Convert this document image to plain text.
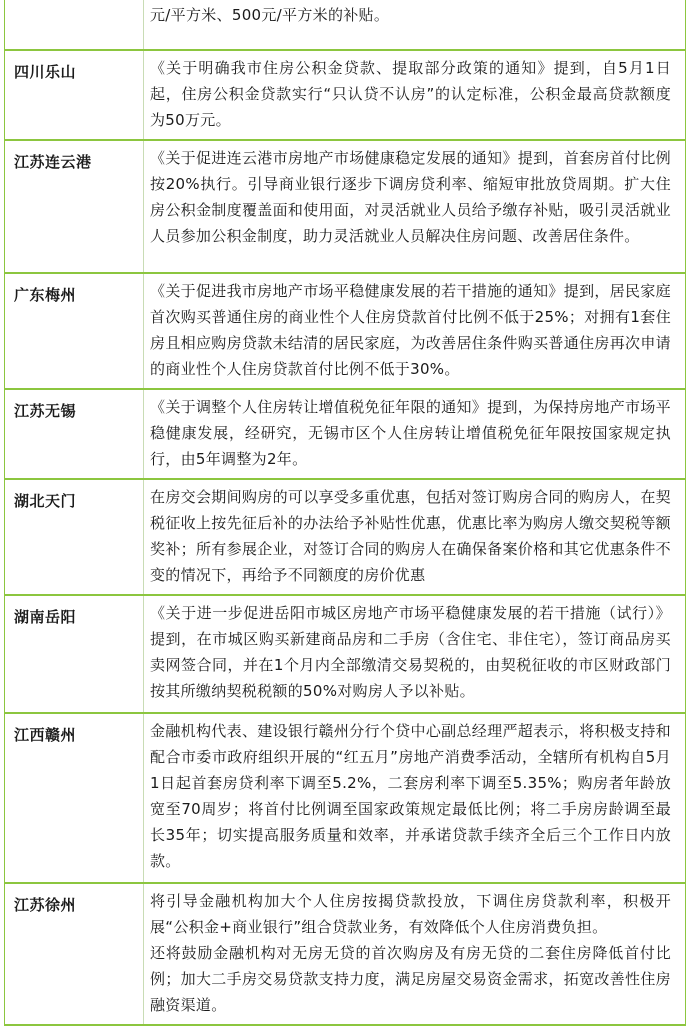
	元/平方米、500元/平方米的补贴。

四川乐山	《关于明确我市住房公积金贷款、提取部分政策的通知》提到，自5月1日起，住房公积金贷款实行“只认贷不认房”的认定标准，公积金最高贷款额度为50万元。

江苏连云港	《关于促进连云港市房地产市场健康稳定发展的通知》提到，首套房首付比例按20%执行。引导商业银行逐步下调房贷利率、缩短审批放贷周期。扩大住房公积金制度覆盖面和使用面，对灵活就业人员给予缴存补贴，吸引灵活就业人员参加公积金制度，助力灵活就业人员解决住房问题、改善居住条件。

广东梅州	《关于促进我市房地产市场平稳健康发展的若干措施的通知》提到，居民家庭首次购买普通住房的商业性个人住房贷款首付比例不低于25%；对拥有1套住房且相应购房贷款未结清的居民家庭，为改善居住条件购买普通住房再次申请的商业性个人住房贷款首付比例不低于30%。

江苏无锡	《关于调整个人住房转让增值税免征年限的通知》提到，为保持房地产市场平稳健康发展，经研究，无锡市区个人住房转让增值税免征年限按国家规定执行，由5年调整为2年。

湖北天门	在房交会期间购房的可以享受多重优惠，包括对签订购房合同的购房人，在契税征收上按先征后补的办法给予补贴性优惠，优惠比率为购房人缴交契税等额奖补；所有参展企业，对签订合同的购房人在确保备案价格和其它优惠条件不变的情况下，再给予不同额度的房价优惠

湖南岳阳	《关于进一步促进岳阳市城区房地产市场平稳健康发展的若干措施（试行）》提到，在市城区购买新建商品房和二手房（含住宅、非住宅），签订商品房买卖网签合同，并在1个月内全部缴清交易契税的，由契税征收的市区财政部门按其所缴纳契税税额的50%对购房人予以补贴。

江西赣州	金融机构代表、建设银行赣州分行个贷中心副总经理严超表示，将积极支持和配合市委市政府组织开展的“红五月”房地产消费季活动，全辖所有机构自5月1日起首套房贷利率下调至5.2%，二套房利率下调至5.35%；购房者年龄放宽至70周岁；将首付比例调至国家政策规定最低比例；将二手房房龄调至最长35年；切实提高服务质量和效率，并承诺贷款手续齐全后三个工作日内放款。

江苏徐州	将引导金融机构加大个人住房按揭贷款投放，下调住房贷款利率，积极开展“公积金+商业银行”组合贷款业务，有效降低个人住房消费负担。

还将鼓励金融机构对无房无贷的首次购房及有房无贷的二套住房降低首付比例；加大二手房交易贷款支持力度，满足房屋交易资金需求，拓宽改善性住房融资渠道。
